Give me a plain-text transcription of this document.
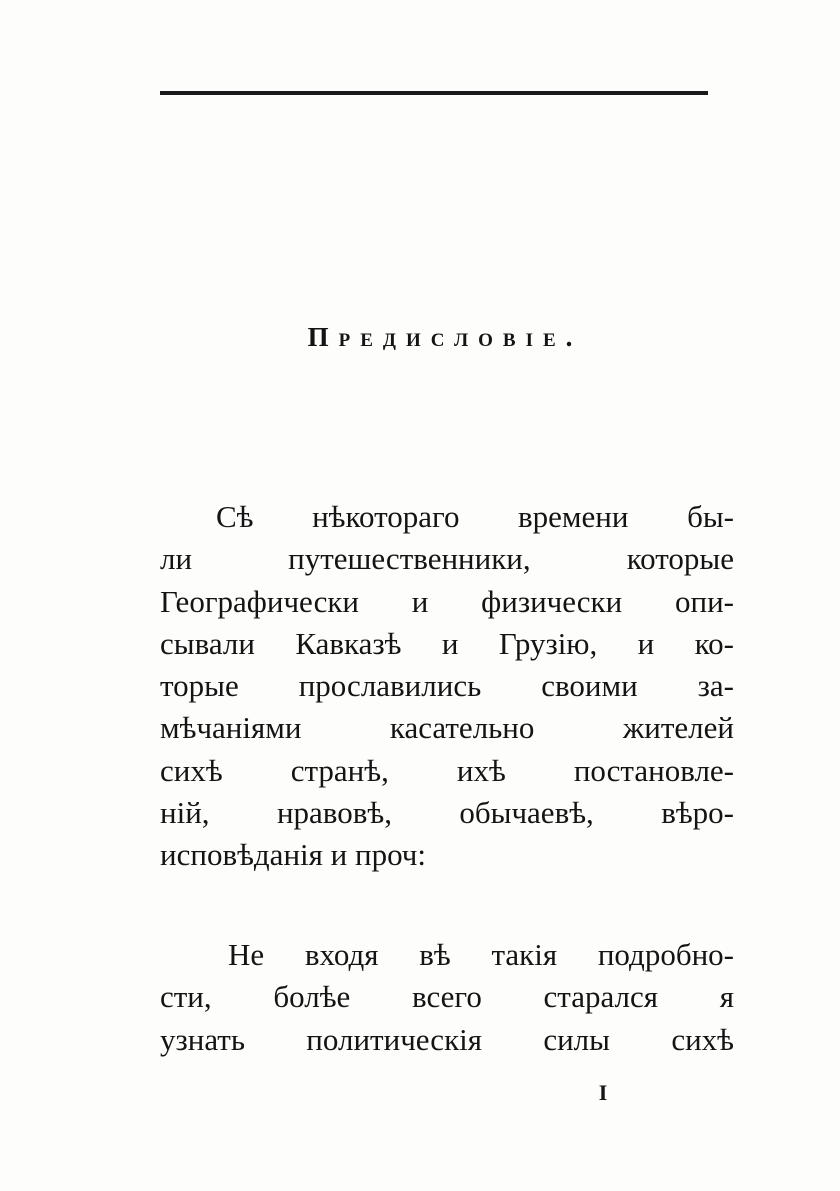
Предисловіе.
Сѣ нѣкотораго времени бы-
ли путешественники, которые
Географически и физически опи-
сывали Кавказѣ и Грузію, и ко-
торые прославились своими за-
мѣчаніями касательно жителей
сихѣ странѣ, ихѣ постановле-
ній, нравовѣ, обычаевѣ, вѣро-
исповѣданія и проч:
Не входя вѣ такія подробно-
сти, болѣе всего старался я
узнать политическія силы сихѣ
I
